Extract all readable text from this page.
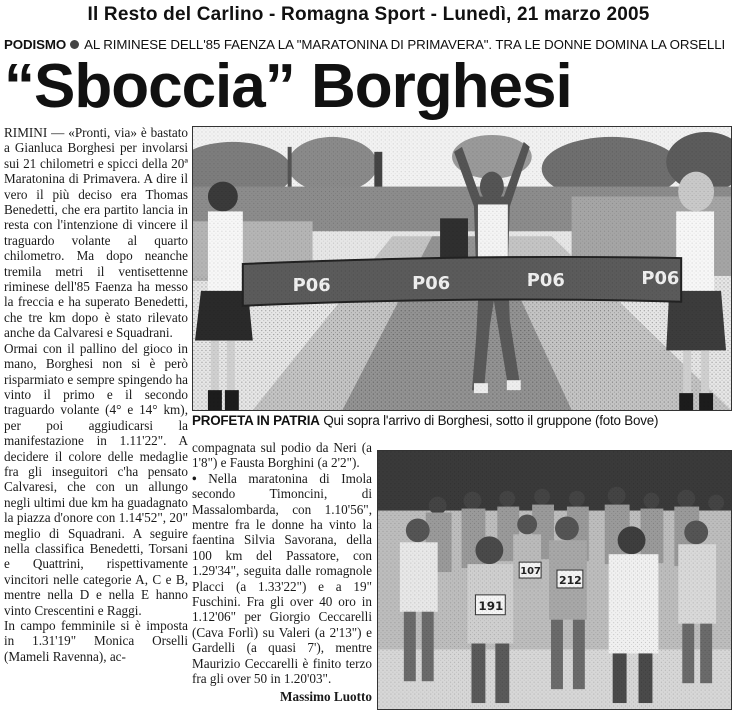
Il Resto del Carlino - Romagna Sport - Lunedì, 21 marzo 2005
PODISMO AL RIMINESE DELL'85 FAENZA LA "MARATONINA DI PRIMAVERA". TRA LE DONNE DOMINA LA ORSELLI
“Sboccia” Borghesi

RIMINI — «Pronti, via» è bastato a Gianluca Borghesi per involarsi sui 21 chilometri e spicci della 20ª Maratonina di Primavera. A dire il vero il più deciso era Thomas Benedetti, che era partito lancia in resta con l'intenzione di vincere il traguardo volante al quarto chilometro. Ma dopo neanche tremila metri il ventisettenne riminese dell'85 Faenza ha messo la freccia e ha superato Benedetti, che tre km dopo è stato rilevato anche da Calvaresi e Squadrani.

Ormai con il pallino del gioco in mano, Borghesi non si è però risparmiato e sempre spingendo ha vinto il primo e il secondo traguardo volante (4° e 14° km), per poi aggiudicarsi la manifestazione in 1.11'22". A decidere il colore delle medaglie fra gli inseguitori c'ha pensato Calvaresi, che con un allungo negli ultimi due km ha guadagnato la piazza d'onore con 1.14'52", 20" meglio di Squadrani. A seguire nella classifica Benedetti, Torsani e Quattrini, rispettivamente vincitori nelle categorie A, C e B, mentre nella D e nella E hanno vinto Crescentini e Raggi.

In campo femminile si è imposta in 1.31'19" Monica Orselli (Mameli Ravenna), ac-

PROFETA IN PATRIA Qui sopra l'arrivo di Borghesi, sotto il gruppone (foto Bove)

compagnata sul podio da Neri (a 1'8") e Fausta Borghini (a 2'2").

• Nella maratonina di Imola secondo Timoncini, di Massalombarda, con 1.10'56", mentre fra le donne ha vinto la faentina Silvia Savorana, della 100 km del Passatore, con 1.29'34", seguita dalle romagnole Placci (a 1.33'22") e a 19" Fuschini. Fra gli over 40 oro in 1.12'06" per Giorgio Ceccarelli (Cava Forlì) su Valeri (a 2'13") e Gardelli (a quasi 7'), mentre Maurizio Ceccarelli è finito terzo fra gli over 50 in 1.20'03".

Massimo Luotto
